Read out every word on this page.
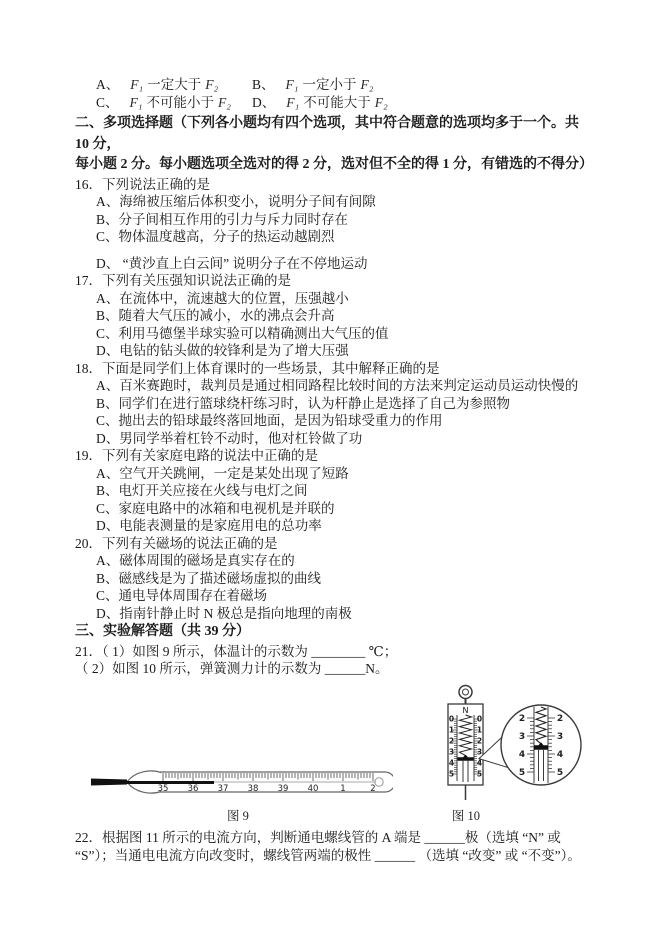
A、 F₁ 一定大于 F₂	B、 F₁ 一定小于 F₂
C、 F₁ 不可能小于 F₂	D、 F₁ 不可能大于 F₂
二、多项选择题（下列各小题均有四个选项，其中符合题意的选项均多于一个。共 10 分，
每小题 2 分。每小题选项全选对的得 2 分，选对但不全的得 1 分，有错选的不得分）
16．下列说法正确的是
A、海绵被压缩后体积变小，说明分子间有间隙
B、分子间相互作用的引力与斥力同时存在
C、物体温度越高，分子的热运动越剧烈
D、 “黄沙直上白云间” 说明分子在不停地运动
17．下列有关压强知识说法正确的是
A、在流体中，流速越大的位置，压强越小
B、随着大气压的减小，水的沸点会升高
C、利用马德堡半球实验可以精确测出大气压的值
D、电钻的钻头做的较锋利是为了增大压强
18．下面是同学们上体育课时的一些场景，其中解释正确的是
A、百米赛跑时，裁判员是通过相同路程比较时间的方法来判定运动员运动快慢的
B、同学们在进行篮球绕杆练习时，认为杆静止是选择了自己为参照物
C、抛出去的铅球最终落回地面，是因为铅球受重力的作用
D、男同学举着杠铃不动时，他对杠铃做了功
19．下列有关家庭电路的说法中正确的是
A、空气开关跳闸，一定是某处出现了短路
B、电灯开关应接在火线与电灯之间
C、家庭电路中的冰箱和电视机是并联的
D、电能表测量的是家庭用电的总功率
20．下列有关磁场的说法正确的是
A、磁体周围的磁场是真实存在的
B、磁感线是为了描述磁场虚拟的曲线
C、通电导体周围存在着磁场
D、指南针静止时 N 极总是指向地理的南极
三、实验解答题（共 39 分）
21．（ 1）如图 9 所示，体温计的示数为 ________ ℃；
（ 2）如图 10 所示，弹簧测力计的示数为 ______N。
35 36 37 38 39 40	1	2
图 9
N
0	0
1	1
2	2
3	3
4	4
5	5
2	2
3	3
4	4
5	5
图 10
22．根据图 11 所示的电流方向，判断通电螺线管的 A 端是 ______极（选填 “N” 或 “S”）；当通电电流方向改变时，螺线管两端的极性 ______ （选填 “改变” 或 “不变”）。
